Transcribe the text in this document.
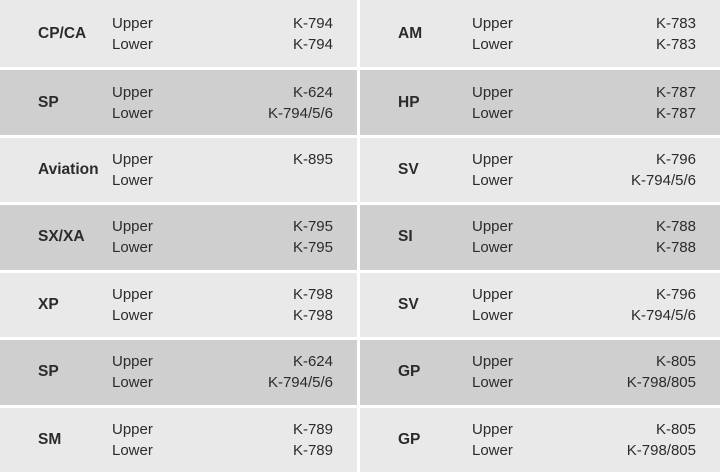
CP/CA
Upper
Lower
K-794
K-794
AM
Upper
Lower
K-783
K-783
SP
Upper
Lower
K-624
K-794/5/6
HP
Upper
Lower
K-787
K-787
Aviation
Upper
Lower
K-895
SV
Upper
Lower
K-796
K-794/5/6
SX/XA
Upper
Lower
K-795
K-795
SI
Upper
Lower
K-788
K-788
XP
Upper
Lower
K-798
K-798
SV
Upper
Lower
K-796
K-794/5/6
SP
Upper
Lower
K-624
K-794/5/6
GP
Upper
Lower
K-805
K-798/805
SM
Upper
Lower
K-789
K-789
GP
Upper
Lower
K-805
K-798/805
